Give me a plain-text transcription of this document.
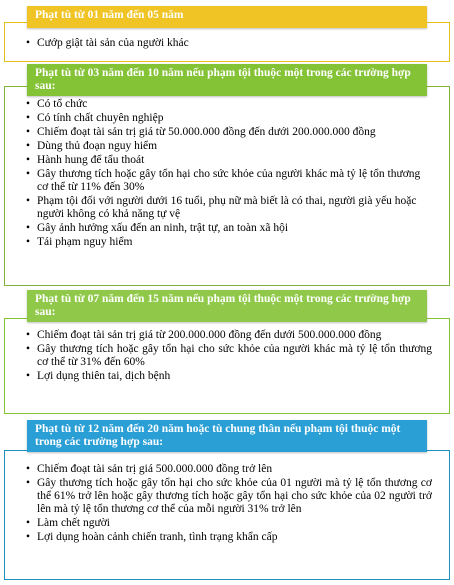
Phạt tù từ 01 năm đến 05 năm
• Cướp giật tài sản của người khác
Phạt tù từ 03 năm đến 10 năm nếu phạm tội thuộc một trong các trường hợp sau:
• Có tổ chức
• Có tính chất chuyên nghiệp
• Chiếm đoạt tài sản trị giá từ 50.000.000 đồng đến dưới 200.000.000 đồng
• Dùng thủ đoạn nguy hiểm
• Hành hung để tẩu thoát
• Gây thương tích hoặc gây tổn hại cho sức khỏe của người khác mà tỷ lệ tổn thương cơ thể từ 11% đến 30%
• Phạm tội đối với người dưới 16 tuổi, phụ nữ mà biết là có thai, người già yếu hoặc người không có khả năng tự vệ
• Gây ảnh hưởng xấu đến an ninh, trật tự, an toàn xã hội
• Tái phạm nguy hiểm
Phạt tù từ 07 năm đến 15 năm nếu phạm tội thuộc một trong các trường hợp sau:
• Chiếm đoạt tài sản trị giá từ 200.000.000 đồng đến dưới 500.000.000 đồng
• Gây thương tích hoặc gây tổn hại cho sức khỏe của người khác mà tỷ lệ tổn thương cơ thể từ 31% đến 60%
• Lợi dụng thiên tai, dịch bệnh
Phạt tù từ 12 năm đến 20 năm hoặc tù chung thân nếu phạm tội thuộc một trong các trường hợp sau:
• Chiếm đoạt tài sản trị giá 500.000.000 đồng trở lên
• Gây thương tích hoặc gây tổn hại cho sức khỏe của 01 người mà tỷ lệ tổn thương cơ thể 61% trở lên hoặc gây thương tích hoặc gây tổn hại cho sức khỏe của 02 người trở lên mà tỷ lệ tổn thương cơ thể của mỗi người 31% trở lên
• Làm chết người
• Lợi dụng hoàn cảnh chiến tranh, tình trạng khẩn cấp
